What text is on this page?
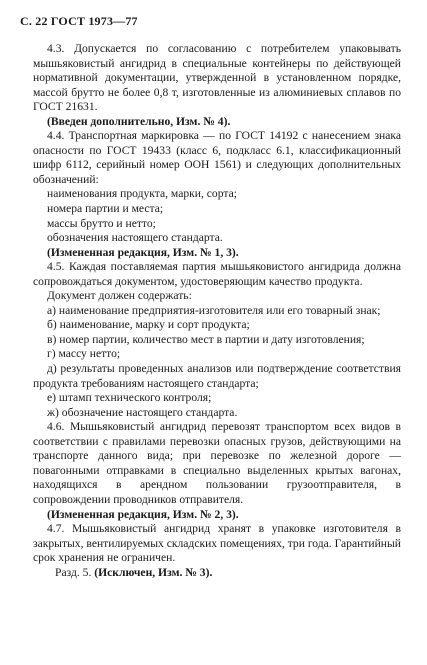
С. 22 ГОСТ 1973—77

4.3. Допускается по согласованию с потребителем упаковывать мышьяковистый ангидрид в специальные контейнеры по действующей нормативной документации, утвержденной в установленном порядке, массой брутто не более 0,8 т, изготовленные из алюминиевых сплавов по ГОСТ 21631.

(Введен дополнительно, Изм. № 4).

4.4. Транспортная маркировка — по ГОСТ 14192 с нанесением знака опасности по ГОСТ 19433 (класс 6, подкласс 6.1, классификационный шифр 6112, серийный номер ООН 1561) и следующих дополнительных обозначений:

наименования продукта, марки, сорта;

номера партии и места;

массы брутто и нетто;

обозначения настоящего стандарта.

(Измененная редакция, Изм. № 1, 3).

4.5. Каждая поставляемая партия мышьяковистого ангидрида должна сопровождаться документом, удостоверяющим качество продукта.

Документ должен содержать:

а) наименование предприятия-изготовителя или его товарный знак;

б) наименование, марку и сорт продукта;

в) номер партии, количество мест в партии и дату изготовления;

г) массу нетто;

д) результаты проведенных анализов или подтверждение соответствия продукта требованиям настоящего стандарта;

е) штамп технического контроля;

ж) обозначение настоящего стандарта.

4.6. Мышьяковистый ангидрид перевозят транспортом всех видов в соответствии с правилами перевозки опасных грузов, действующими на транспорте данного вида; при перевозке по железной дороге — повагонными отправками в специально выделенных крытых вагонах, находящихся в арендном пользовании грузоотправителя, в сопровождении проводников отправителя.

(Измененная редакция, Изм. № 2, 3).

4.7. Мышьяковистый ангидрид хранят в упаковке изготовителя в закрытых, вентилируемых складских помещениях, три года. Гарантийный срок хранения не ограничен.

Разд. 5. (Исключен, Изм. № 3).
